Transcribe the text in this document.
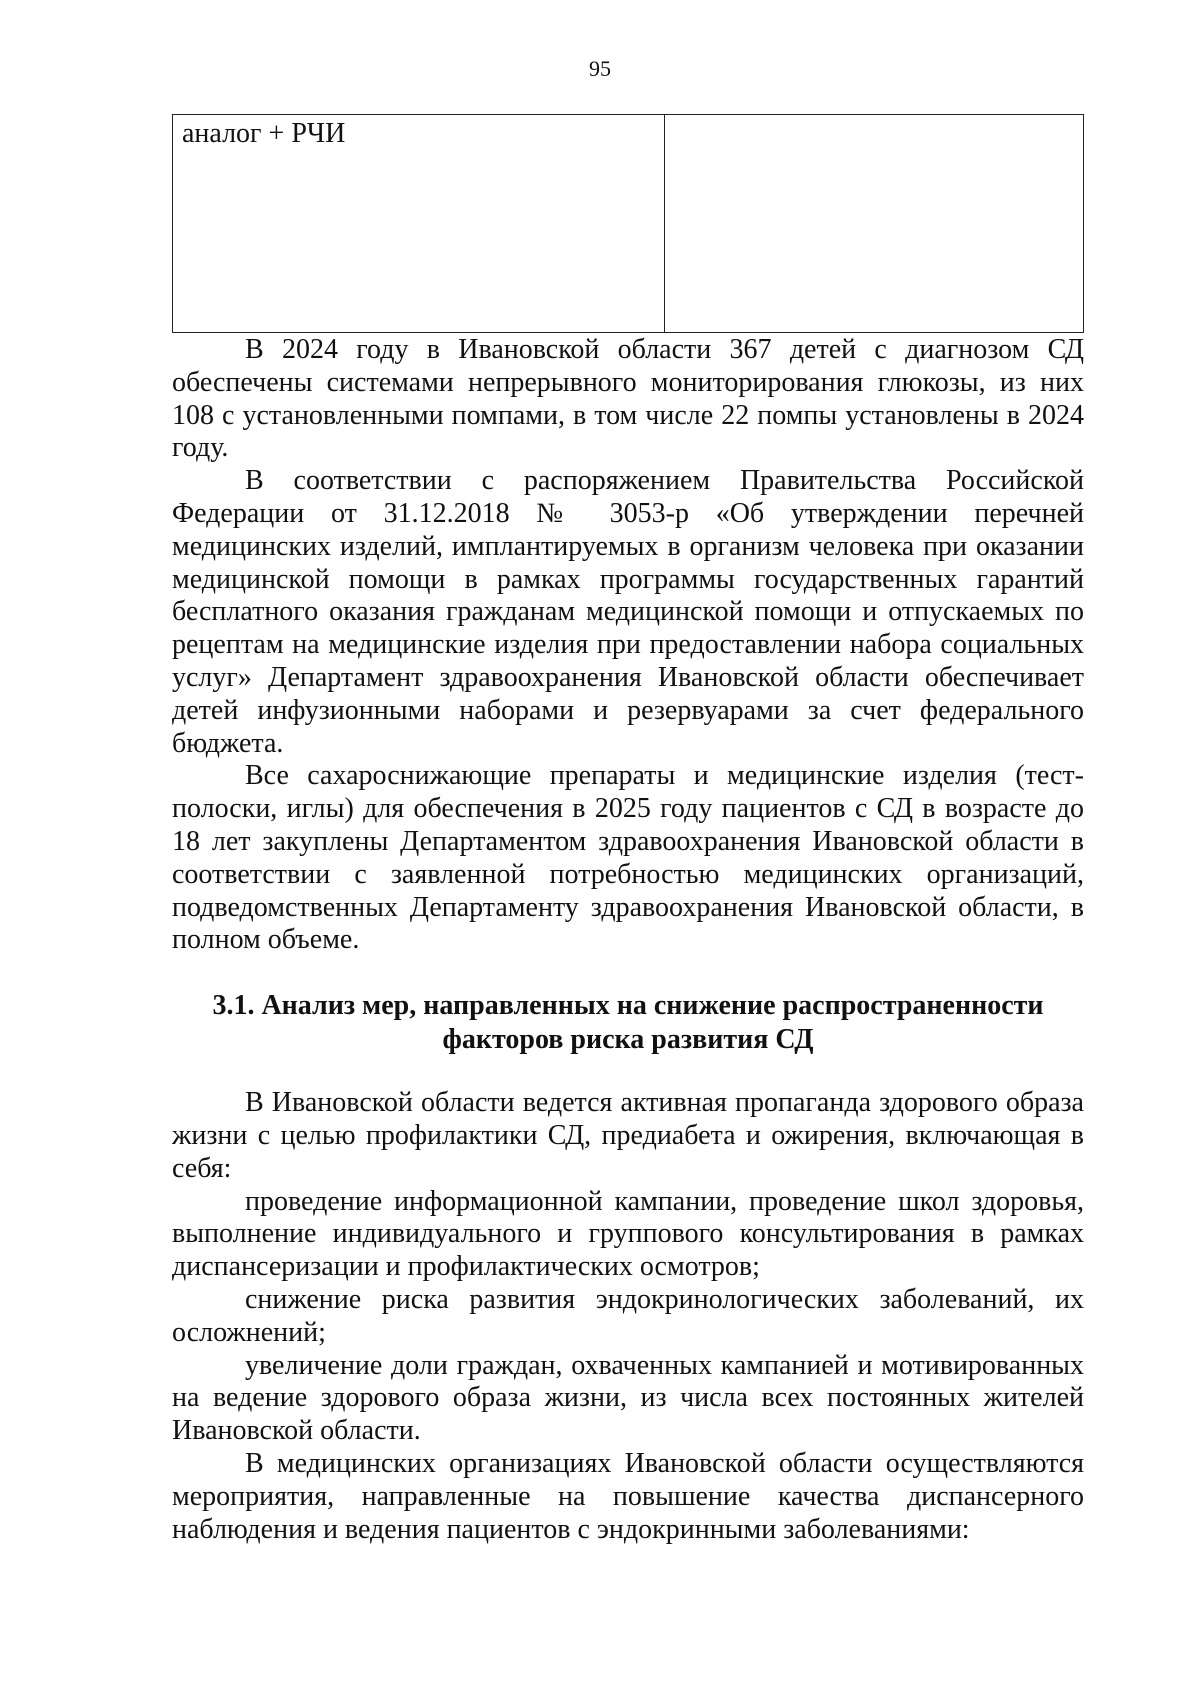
95
аналог + РЧИ	

В 2024 году в Ивановской области 367 детей с диагнозом СД обеспечены системами непрерывного мониторирования глюкозы, из них 108 с установленными помпами, в том числе 22 помпы установлены в 2024 году.

В соответствии с распоряжением Правительства Российской Федерации от 31.12.2018 № 3053-р «Об утверждении перечней медицинских изделий, имплантируемых в организм человека при оказании медицинской помощи в рамках программы государственных гарантий бесплатного оказания гражданам медицинской помощи и отпускаемых по рецептам на медицинские изделия при предоставлении набора социальных услуг» Департамент здравоохранения Ивановской области обеспечивает детей инфузионными наборами и резервуарами за счет федерального бюджета.

Все сахароснижающие препараты и медицинские изделия (тест-полоски, иглы) для обеспечения в 2025 году пациентов с СД в возрасте до 18 лет закуплены Департаментом здравоохранения Ивановской области в соответствии с заявленной потребностью медицинских организаций, подведомственных Департаменту здравоохранения Ивановской области, в полном объеме.

3.1. Анализ мер, направленных на снижение распространенности
факторов риска развития СД

В Ивановской области ведется активная пропаганда здорового образа жизни с целью профилактики СД, предиабета и ожирения, включающая в себя:

проведение информационной кампании, проведение школ здоровья, выполнение индивидуального и группового консультирования в рамках диспансеризации и профилактических осмотров;

снижение риска развития эндокринологических заболеваний, их осложнений;

увеличение доли граждан, охваченных кампанией и мотивированных на ведение здорового образа жизни, из числа всех постоянных жителей Ивановской области.

В медицинских организациях Ивановской области осуществляются мероприятия, направленные на повышение качества диспансерного наблюдения и ведения пациентов с эндокринными заболеваниями:
